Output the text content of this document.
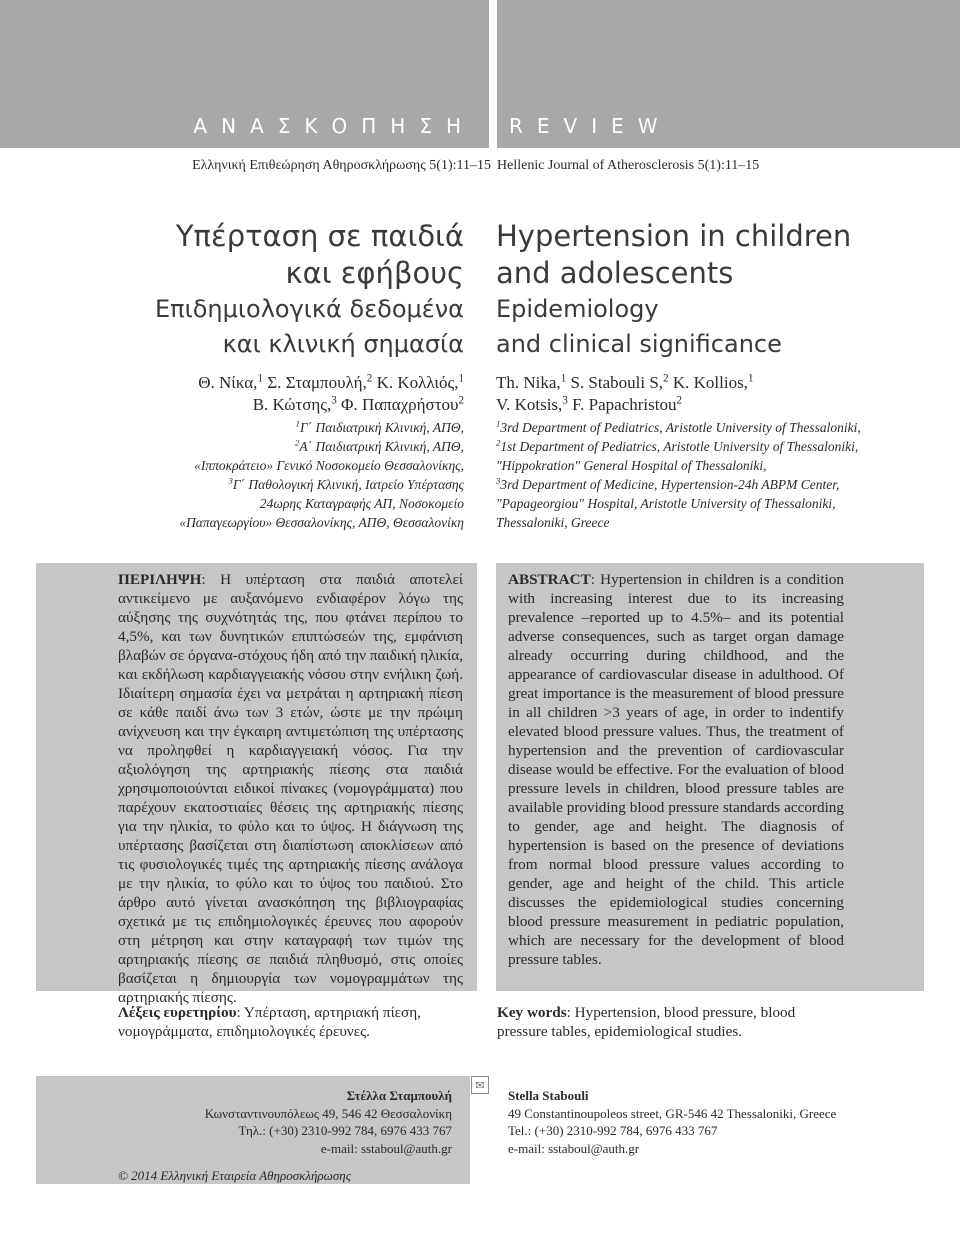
ΑΝΑΣΚΟΠΗΣΗ REVIEW
Ελληνική Επιθεώρηση Αθηροσκλήρωσης 5(1):11–15 Hellenic Journal of Atherosclerosis 5(1):11–15
Υπέρταση σε παιδιά
και εφήβους
Επιδημιολογικά δεδομένα
και κλινική σημασία
Hypertension in children
and adolescents
Epidemiology
and clinical significance
Θ. Νίκα,$^1$ Σ. Σταμπουλή,$^2$ Κ. Κολλιός,$^1$
Β. Κώτσης,$^3$ Φ. Παπαχρήστου$^2$
Th. Nika,$^1$ S. Stabouli S,$^2$ K. Kollios,$^1$
V. Kotsis,$^3$ F. Papachristou$^2$
$^1$Γ΄ Παιδιατρική Κλινική, ΑΠΘ,
$^2$Α΄ Παιδιατρική Κλινική, ΑΠΘ,
«Ιπποκράτειο» Γενικό Νοσοκομείο Θεσσαλονίκης,
$^3$Γ΄ Παθολογική Κλινική, Ιατρείο Υπέρτασης
24ωρης Καταγραφής ΑΠ, Νοσοκομείο
«Παπαγεωργίου» Θεσσαλονίκης, ΑΠΘ, Θεσσαλονίκη
$^1$3rd Department of Pediatrics, Aristotle University of Thessaloniki,
$^2$1st Department of Pediatrics, Aristotle University of Thessaloniki,
"Hippokration" General Hospital of Thessaloniki,
$^3$3rd Department of Medicine, Hypertension-24h ABPM Center,
"Papageorgiou" Hospital, Aristotle University of Thessaloniki,
Thessaloniki, Greece
ΠΕΡΙΛΗΨΗ: Η υπέρταση στα παιδιά αποτελεί αντικείμενο με αυξανόμενο ενδιαφέρον λόγω της αύξησης της συχνότητάς της, που φτάνει περίπου το 4,5%, και των δυνητικών επιπτώσεών της, εμφάνιση βλαβών σε όργανα-στόχους ήδη από την παιδική ηλικία, και εκδήλωση καρδιαγγειακής νόσου στην ενήλικη ζωή. Ιδιαίτερη σημασία έχει να μετράται η αρτηριακή πίεση σε κάθε παιδί άνω των 3 ετών, ώστε με την πρώιμη ανίχνευση και την έγκαιρη αντιμετώπιση της υπέρτασης να προληφθεί η καρδιαγγειακή νόσος. Για την αξιολόγηση της αρτηριακής πίεσης στα παιδιά χρησιμοποιούνται ειδικοί πίνακες (νομογράμματα) που παρέχουν εκατοστιαίες θέσεις της αρτηριακής πίεσης για την ηλικία, το φύλο και το ύψος. Η διάγνωση της υπέρτασης βασίζεται στη διαπίστωση αποκλίσεων από τις φυσιολογικές τιμές της αρτηριακής πίεσης ανάλογα με την ηλικία, το φύλο και το ύψος του παιδιού. Στο άρθρο αυτό γίνεται ανασκόπηση της βιβλιογραφίας σχετικά με τις επιδημιολογικές έρευνες που αφορούν στη μέτρηση και στην καταγραφή των τιμών της αρτηριακής πίεσης σε παιδιά πληθυσμό, στις οποίες βασίζεται η δημιουργία των νομογραμμάτων της αρτηριακής πίεσης.
ABSTRACT: Hypertension in children is a condition with increasing interest due to its increasing prevalence –reported up to 4.5%– and its potential adverse consequences, such as target organ damage already occurring during childhood, and the appearance of cardiovascular disease in adulthood. Of great importance is the measurement of blood pressure in all children >3 years of age, in order to indentify elevated blood pressure values. Thus, the treatment of hypertension and the prevention of cardiovascular disease would be effective. For the evaluation of blood pressure levels in children, blood pressure tables are available providing blood pressure standards according to gender, age and height. The diagnosis of hypertension is based on the presence of deviations from normal blood pressure values according to gender, age and height of the child. This article discusses the epidemiological studies concerning blood pressure measurement in pediatric population, which are necessary for the development of blood pressure tables.
Λέξεις ευρετηρίου: Υπέρταση, αρτηριακή πίεση, νομογράμματα, επιδημιολογικές έρευνες.
Key words: Hypertension, blood pressure, blood pressure tables, epidemiological studies.
✉
Στέλλα Σταμπουλή
Κωνσταντινουπόλεως 49, 546 42 Θεσσαλονίκη
Τηλ.: (+30) 2310-992 784, 6976 433 767
e-mail: sstaboul@auth.gr
Stella Stabouli
49 Constantinoupoleos street, GR-546 42 Thessaloniki, Greece
Tel.: (+30) 2310-992 784, 6976 433 767
e-mail: sstaboul@auth.gr
© 2014 Ελληνική Εταιρεία Αθηροσκλήρωσης
